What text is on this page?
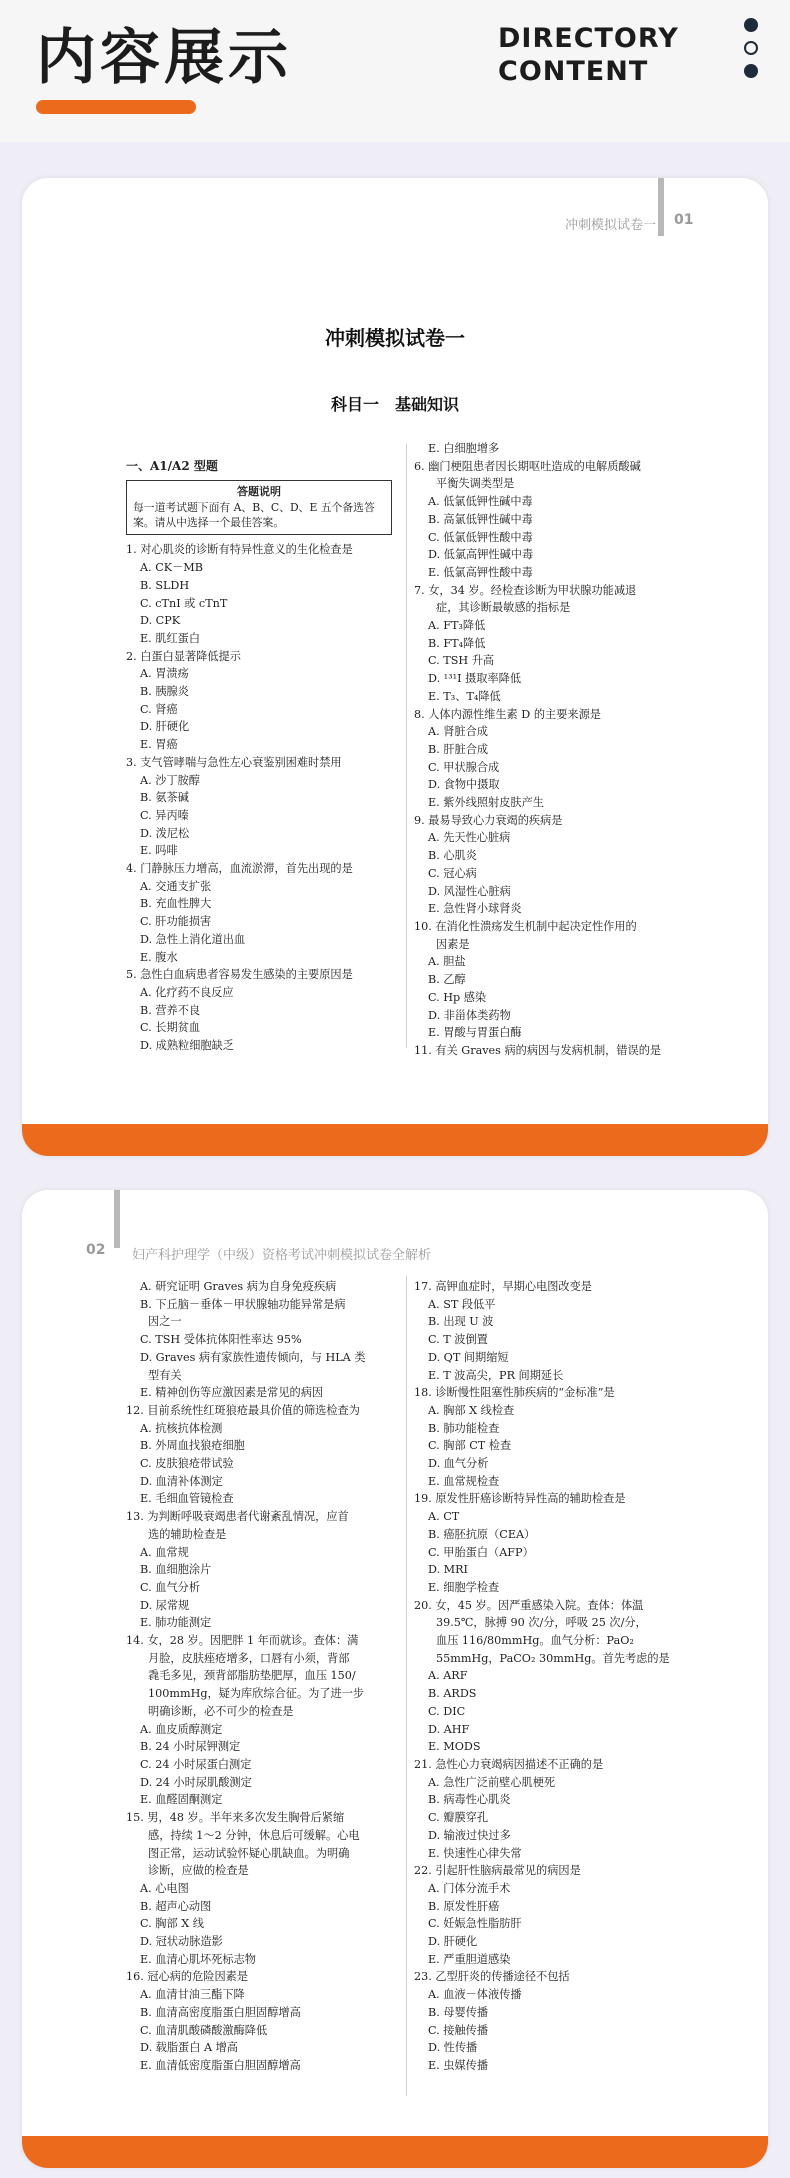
内容展示	DIRECTORY
CONTENT
冲刺模拟试卷一 01
冲刺模拟试卷一
科目一　基础知识
一、A1/A2 型题
答题说明
每一道考试题下面有 A、B、C、D、E 五个备选答案。请从中选择一个最佳答案。
1. 对心肌炎的诊断有特异性意义的生化检查是
A. CK－MB
B. SLDH
C. cTnI 或 cTnT
D. CPK
E. 肌红蛋白
2. 白蛋白显著降低提示
A. 胃溃疡
B. 胰腺炎
C. 肾癌
D. 肝硬化
E. 胃癌
3. 支气管哮喘与急性左心衰鉴别困难时禁用
A. 沙丁胺醇
B. 氨茶碱
C. 异丙嗪
D. 泼尼松
E. 吗啡
4. 门静脉压力增高，血流淤滞，首先出现的是
A. 交通支扩张
B. 充血性脾大
C. 肝功能损害
D. 急性上消化道出血
E. 腹水
5. 急性白血病患者容易发生感染的主要原因是
A. 化疗药不良反应
B. 营养不良
C. 长期贫血
D. 成熟粒细胞缺乏
E. 白细胞增多
6. 幽门梗阻患者因长期呕吐造成的电解质酸碱
平衡失调类型是
A. 低氯低钾性碱中毒
B. 高氯低钾性碱中毒
C. 低氯低钾性酸中毒
D. 低氯高钾性碱中毒
E. 低氯高钾性酸中毒
7. 女，34 岁。经检查诊断为甲状腺功能减退
症，其诊断最敏感的指标是
A. FT₃降低
B. FT₄降低
C. TSH 升高
D. ¹³¹I 摄取率降低
E. T₃、T₄降低
8. 人体内源性维生素 D 的主要来源是
A. 肾脏合成
B. 肝脏合成
C. 甲状腺合成
D. 食物中摄取
E. 紫外线照射皮肤产生
9. 最易导致心力衰竭的疾病是
A. 先天性心脏病
B. 心肌炎
C. 冠心病
D. 风湿性心脏病
E. 急性肾小球肾炎
10. 在消化性溃疡发生机制中起决定性作用的
因素是
A. 胆盐
B. 乙醇
C. Hp 感染
D. 非甾体类药物
E. 胃酸与胃蛋白酶
11. 有关 Graves 病的病因与发病机制，错误的是
02 妇产科护理学（中级）资格考试冲刺模拟试卷全解析
A. 研究证明 Graves 病为自身免疫疾病
B. 下丘脑－垂体－甲状腺轴功能异常是病
因之一
C. TSH 受体抗体阳性率达 95%
D. Graves 病有家族性遗传倾向，与 HLA 类
型有关
E. 精神创伤等应激因素是常见的病因
12. 目前系统性红斑狼疮最具价值的筛选检查为
A. 抗核抗体检测
B. 外周血找狼疮细胞
C. 皮肤狼疮带试验
D. 血清补体测定
E. 毛细血管镜检查
13. 为判断呼吸衰竭患者代谢紊乱情况，应首
选的辅助检查是
A. 血常规
B. 血细胞涂片
C. 血气分析
D. 尿常规
E. 肺功能测定
14. 女，28 岁。因肥胖 1 年而就诊。查体：满
月脸，皮肤痤疮增多，口唇有小须，背部
毳毛多见，颈背部脂肪垫肥厚，血压 150/
100mmHg，疑为库欣综合征。为了进一步
明确诊断，必不可少的检查是
A. 血皮质醇测定
B. 24 小时尿钾测定
C. 24 小时尿蛋白测定
D. 24 小时尿肌酸测定
E. 血醛固酮测定
15. 男，48 岁。半年来多次发生胸骨后紧缩
感，持续 1～2 分钟，休息后可缓解。心电
图正常，运动试验怀疑心肌缺血。为明确
诊断，应做的检查是
A. 心电图
B. 超声心动图
C. 胸部 X 线
D. 冠状动脉造影
E. 血清心肌坏死标志物
16. 冠心病的危险因素是
A. 血清甘油三酯下降
B. 血清高密度脂蛋白胆固醇增高
C. 血清肌酸磷酸激酶降低
D. 载脂蛋白 A 增高
E. 血清低密度脂蛋白胆固醇增高
17. 高钾血症时，早期心电图改变是
A. ST 段低平
B. 出现 U 波
C. T 波倒置
D. QT 间期缩短
E. T 波高尖，PR 间期延长
18. 诊断慢性阻塞性肺疾病的“金标准”是
A. 胸部 X 线检查
B. 肺功能检查
C. 胸部 CT 检查
D. 血气分析
E. 血常规检查
19. 原发性肝癌诊断特异性高的辅助检查是
A. CT
B. 癌胚抗原（CEA）
C. 甲胎蛋白（AFP）
D. MRI
E. 细胞学检查
20. 女，45 岁。因严重感染入院。查体：体温
39.5℃，脉搏 90 次/分，呼吸 25 次/分，
血压 116/80mmHg。血气分析：PaO₂
55mmHg，PaCO₂ 30mmHg。首先考虑的是
A. ARF
B. ARDS
C. DIC
D. AHF
E. MODS
21. 急性心力衰竭病因描述不正确的是
A. 急性广泛前壁心肌梗死
B. 病毒性心肌炎
C. 瓣膜穿孔
D. 输液过快过多
E. 快速性心律失常
22. 引起肝性脑病最常见的病因是
A. 门体分流手术
B. 原发性肝癌
C. 妊娠急性脂肪肝
D. 肝硬化
E. 严重胆道感染
23. 乙型肝炎的传播途径不包括
A. 血液－体液传播
B. 母婴传播
C. 接触传播
D. 性传播
E. 虫媒传播
